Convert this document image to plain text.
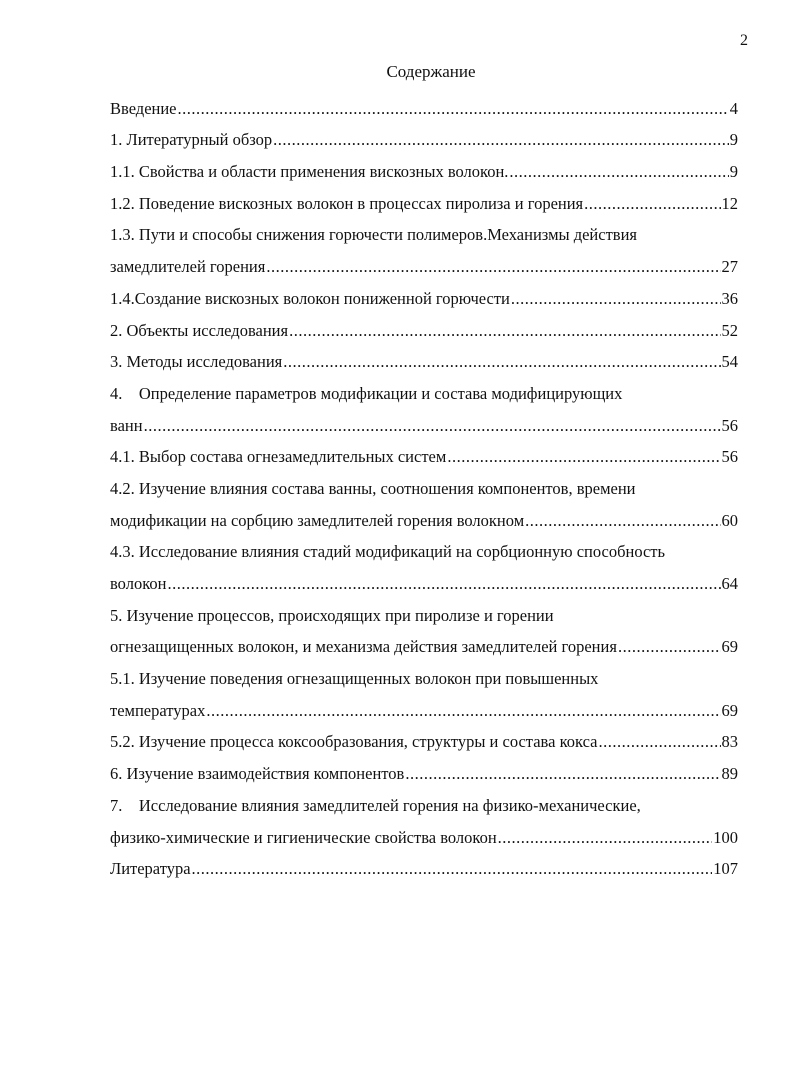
2
Содержание
Введение .....	4
1. Литературный обзор .....	9
1.1. Свойства и области применения вискозных волокон. .....	9
1.2. Поведение вискозных волокон в процессах пиролиза и горения .....	12
1.3. Пути и способы снижения горючести полимеров.Механизмы действия
замедлителей горения .....	27
1.4.Создание вискозных волокон пониженной горючести .....	36
2. Объекты исследования .....	52
3. Методы исследования .....	54
4.    Определение параметров модификации и состава модифицирующих
ванн .....	56
4.1. Выбор состава огнезамедлительных систем .....	56
4.2. Изучение влияния состава ванны, соотношения компонентов, времени
модификации на сорбцию замедлителей горения волокном .....	60
4.3. Исследование влияния стадий модификаций на сорбционную способность
волокон .....	64
5. Изучение процессов, происходящих при пиролизе и горении
огнезащищенных волокон, и механизма действия замедлителей горения .....	69
5.1. Изучение поведения огнезащищенных волокон при повышенных
температурах .....	69
5.2. Изучение процесса коксообразования, структуры и состава кокса .....	83
6. Изучение взаимодействия компонентов .....	89
7.    Исследование влияния замедлителей горения на физико-механические,
физико-химические и гигиенические свойства волокон .....	100
Литература .....	107
